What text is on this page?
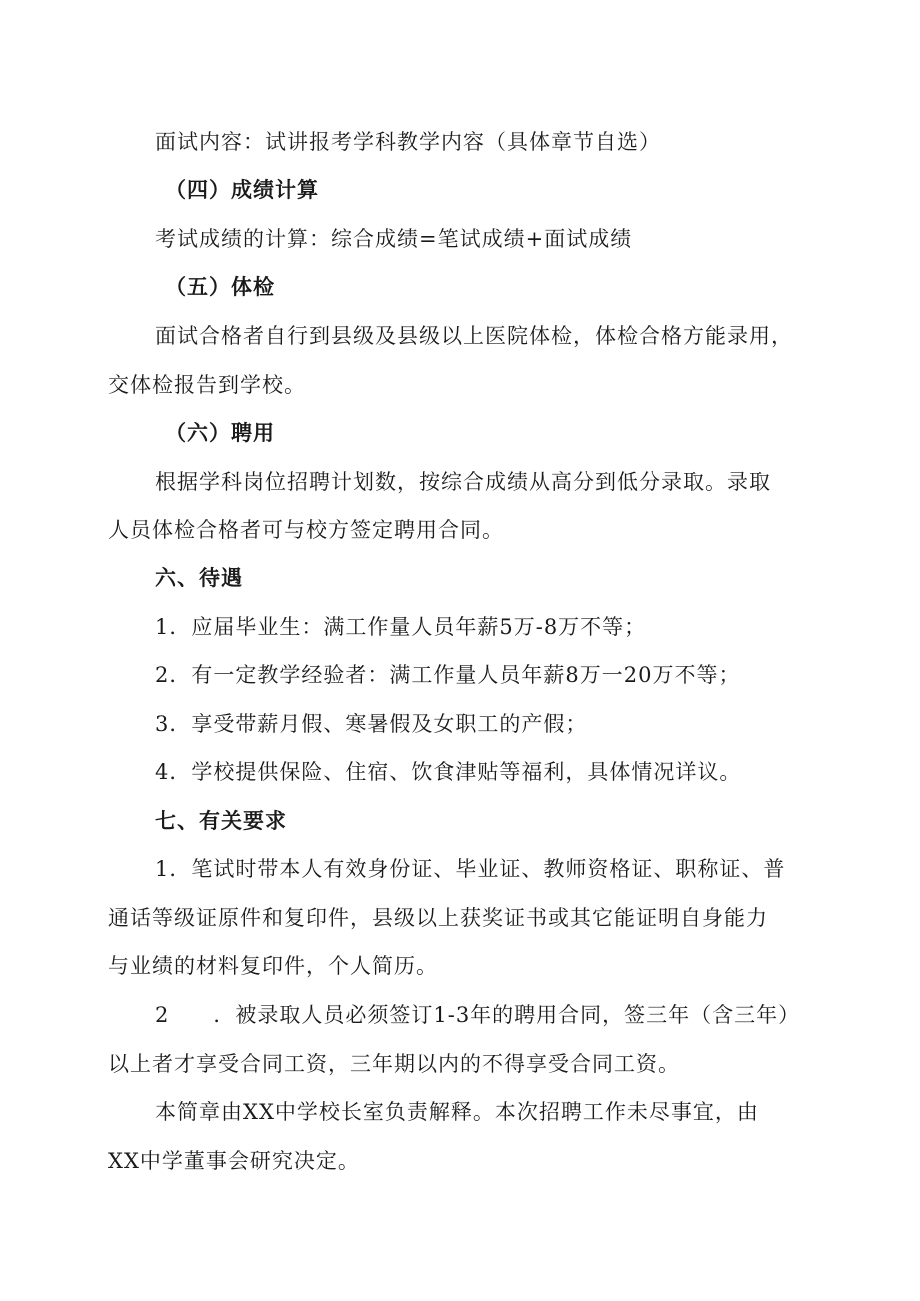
面试内容：试讲报考学科教学内容（具体章节自选）
（四）成绩计算
考试成绩的计算：综合成绩=笔试成绩+面试成绩
（五）体检
面试合格者自行到县级及县级以上医院体检，体检合格方能录用，
交体检报告到学校。
（六）聘用
根据学科岗位招聘计划数，按综合成绩从高分到低分录取。录取
人员体检合格者可与校方签定聘用合同。
六、待遇
1．应届毕业生：满工作量人员年薪5万-8万不等；
2．有一定教学经验者：满工作量人员年薪8万一20万不等；
3．享受带薪月假、寒暑假及女职工的产假；
4．学校提供保险、住宿、饮食津贴等福利，具体情况详议。
七、有关要求
1．笔试时带本人有效身份证、毕业证、教师资格证、职称证、普
通话等级证原件和复印件，县级以上获奖证书或其它能证明自身能力
与业绩的材料复印件，个人简历。
2　　．被录取人员必须签订1-3年的聘用合同，签三年（含三年）
以上者才享受合同工资，三年期以内的不得享受合同工资。
本简章由XX中学校长室负责解释。本次招聘工作未尽事宜，由
XX中学董事会研究决定。
